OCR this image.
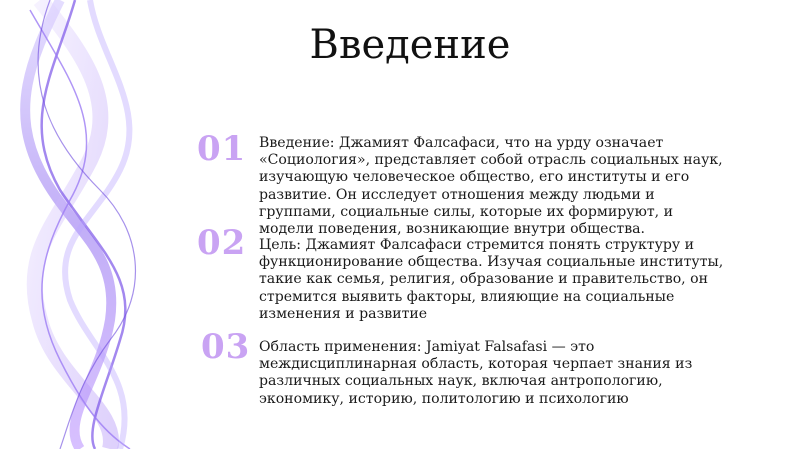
Введение
01 Введение: Джамият Фалсафаси, что на урду означает «Социология», представляет собой отрасль социальных наук, изучающую человеческое общество, его институты и его развитие. Он исследует отношения между людьми и группами, социальные силы, которые их формируют, и модели поведения, возникающие внутри общества.
02 Цель: Джамият Фалсафаси стремится понять структуру и функционирование общества. Изучая социальные институты, такие как семья, религия, образование и правительство, он стремится выявить факторы, влияющие на социальные изменения и развитие
03 Область применения: Jamiyat Falsafasi — это междисциплинарная область, которая черпает знания из различных социальных наук, включая антропологию, экономику, историю, политологию и психологию
